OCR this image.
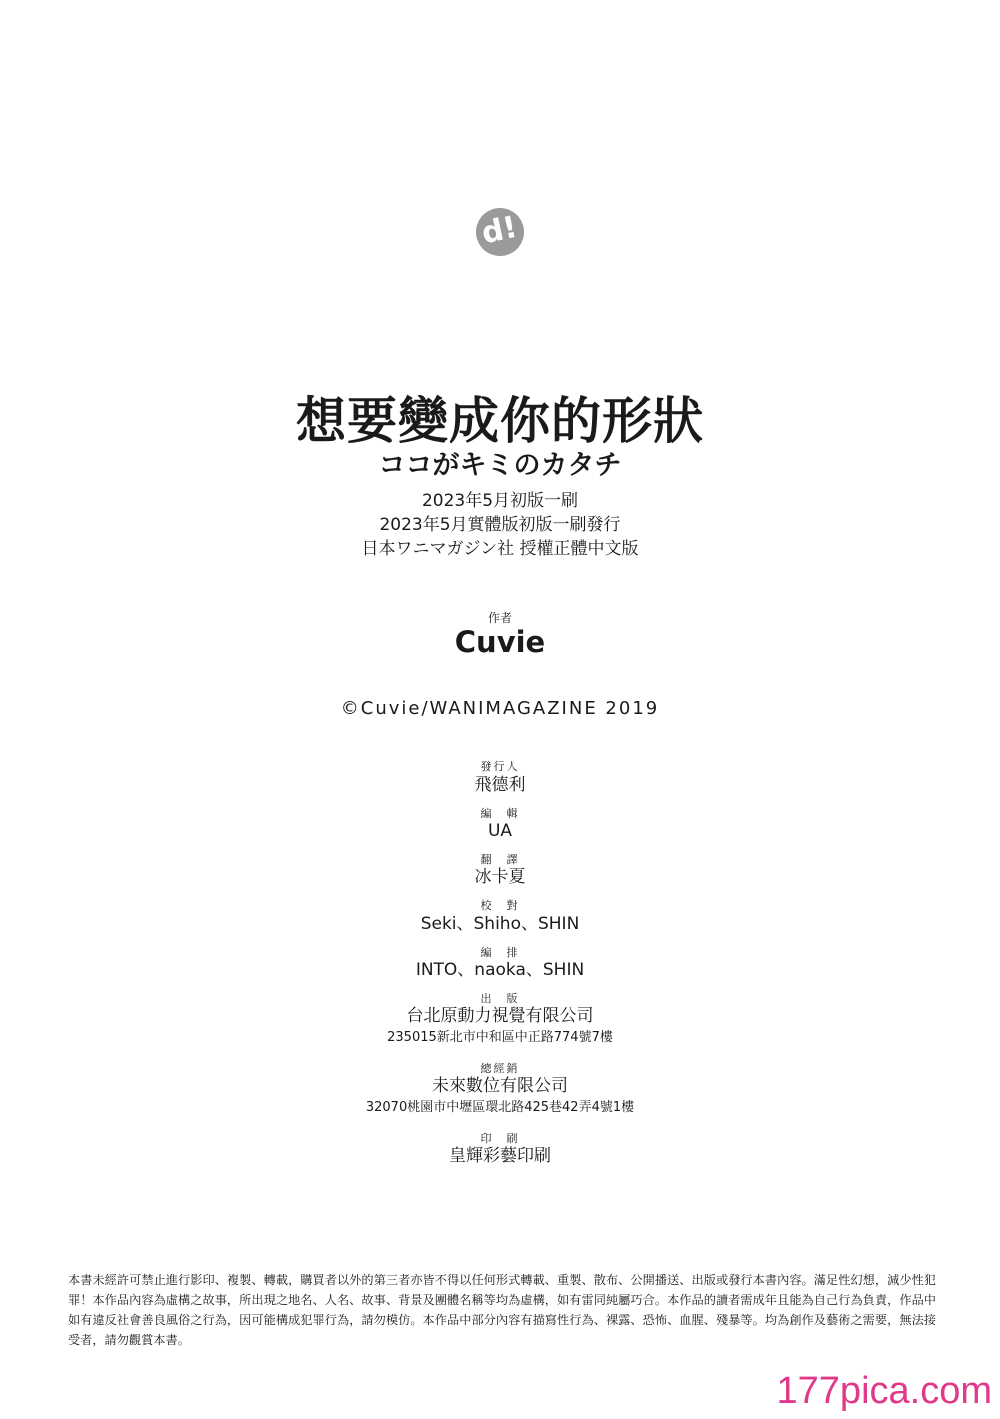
d!
想要變成你的形狀
ココがキミのカタチ
2023年5月初版一刷
2023年5月實體版初版一刷發行
日本ワニマガジン社 授權正體中文版
作者
Cuvie
©Cuvie/WANIMAGAZINE 2019
發行人
飛德利
編　輯
UA
翻　譯
冰卡夏
校　對
Seki、Shiho、SHIN
編　排
INTO、naoka、SHIN
出　版
台北原動力視覺有限公司
235015新北市中和區中正路774號7樓
總經銷
未來數位有限公司
32070桃園市中壢區環北路425巷42弄4號1樓
印　刷
皇輝彩藝印刷
本書未經許可禁止進行影印、複製、轉載，購買者以外的第三者亦皆不得以任何形式轉載、重製、散布、公開播送、出版或發行本書內容。滿足性幻想，減少性犯罪！本作品內容為虛構之故事，所出現之地名、人名、故事、背景及團體名稱等均為虛構，如有雷同純屬巧合。本作品的讀者需成年且能為自己行為負責，作品中如有違反社會善良風俗之行為，因可能構成犯罪行為，請勿模仿。本作品中部分內容有描寫性行為、裸露、恐怖、血腥、殘暴等。均為創作及藝術之需要，無法接受者，請勿觀賞本書。
177pica.com
